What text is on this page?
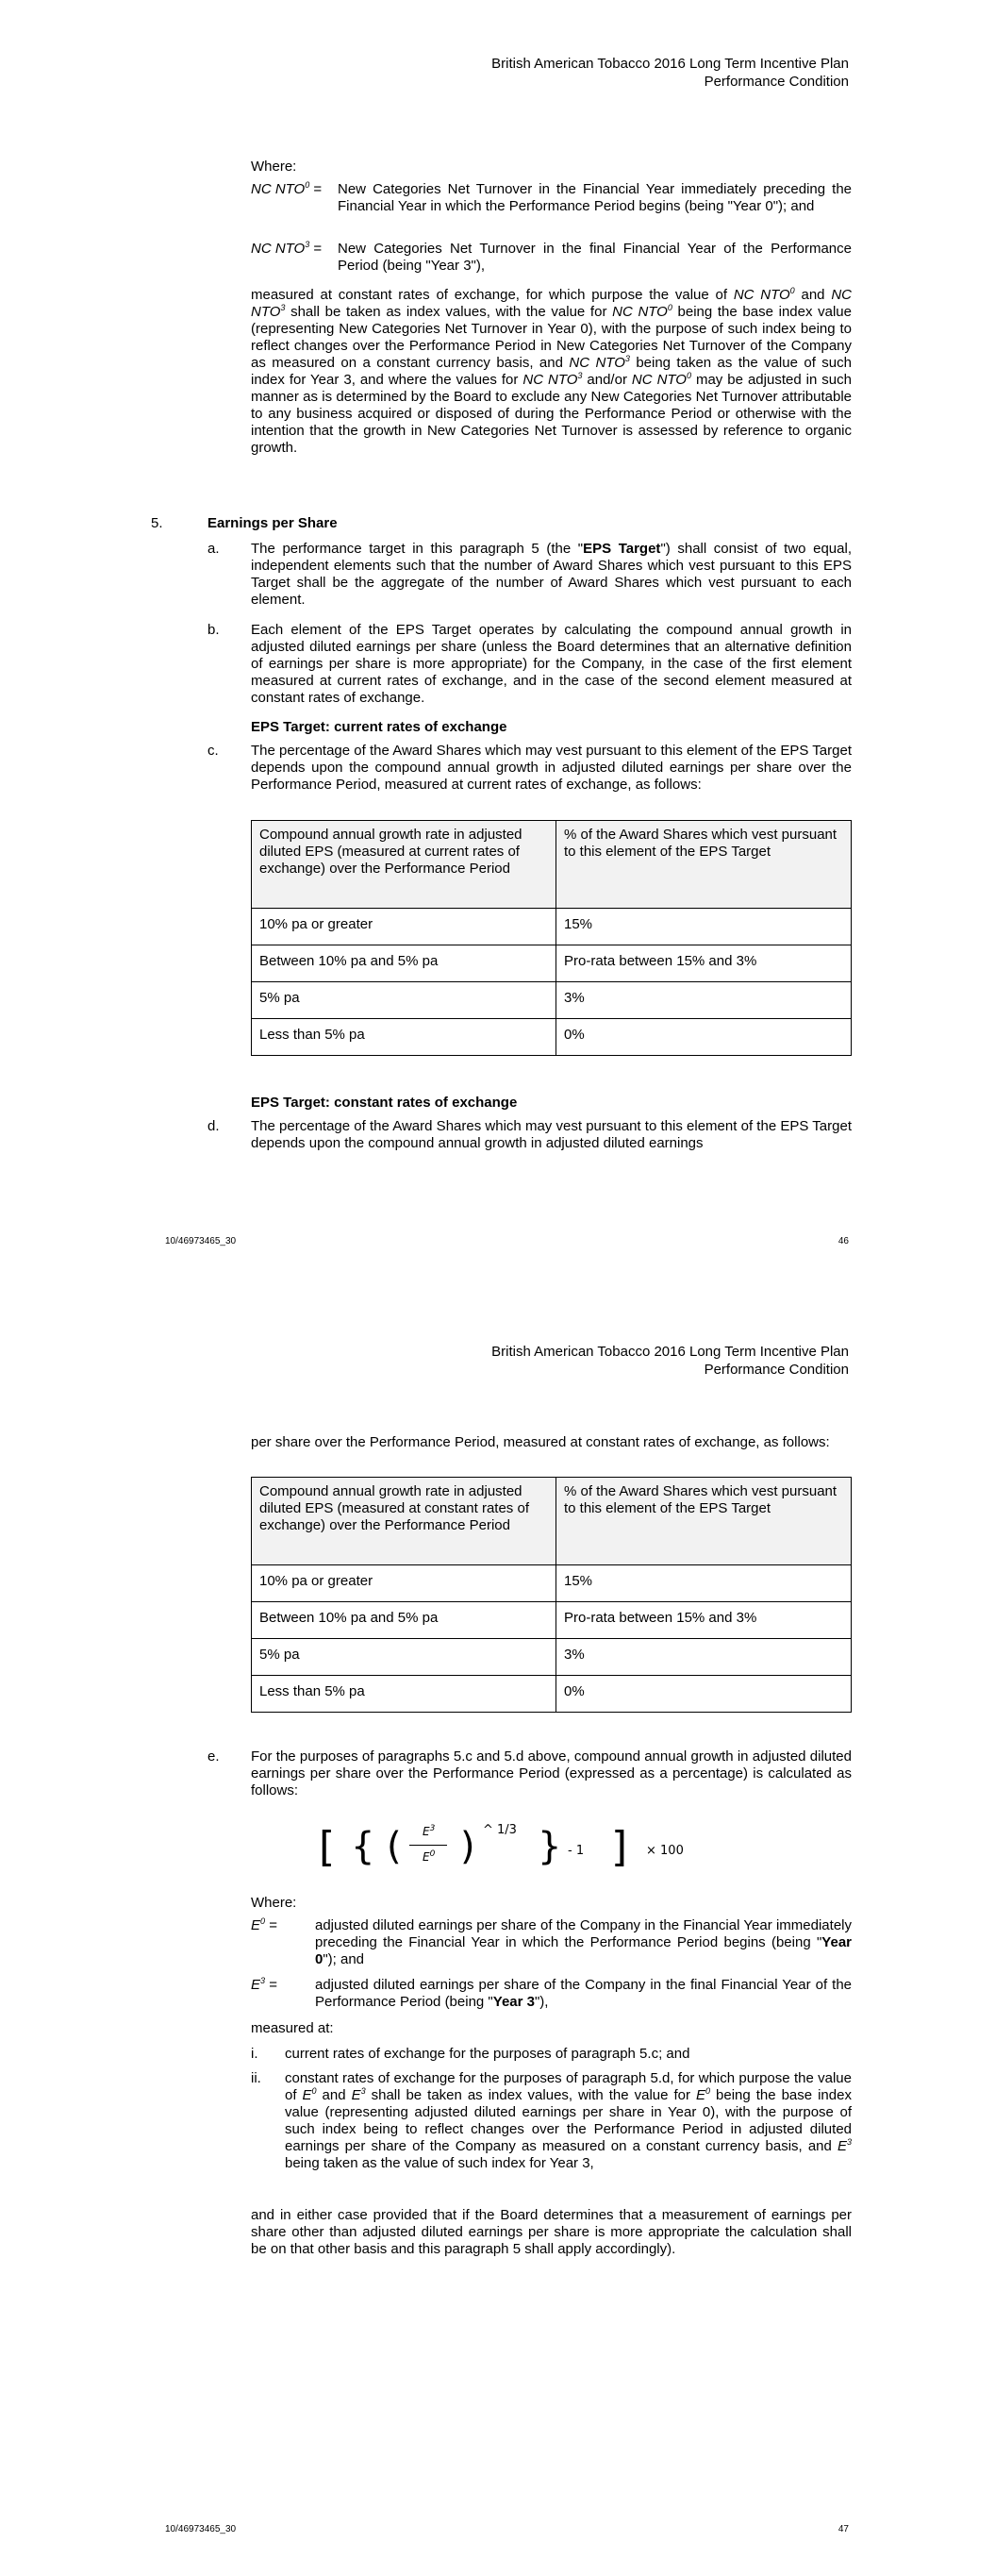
British American Tobacco 2016 Long Term Incentive Plan
Performance Condition
Where:
NC $NTO^0$ = New Categories Net Turnover in the Financial Year immediately preceding the Financial Year in which the Performance Period begins (being "Year 0"); and
NC $NTO^3$ = New Categories Net Turnover in the final Financial Year of the Performance Period (being "Year 3"),
measured at constant rates of exchange, for which purpose the value of NC NTO$^0$ and NC NTO$^3$ shall be taken as index values, with the value for NC NTO$^0$ being the base index value (representing New Categories Net Turnover in Year 0), with the purpose of such index being to reflect changes over the Performance Period in New Categories Net Turnover of the Company as measured on a constant currency basis, and NC NTO$^3$ being taken as the value of such index for Year 3, and where the values for NC NTO$^3$ and/or NC NTO$^0$ may be adjusted in such manner as is determined by the Board to exclude any New Categories Net Turnover attributable to any business acquired or disposed of during the Performance Period or otherwise with the intention that the growth in New Categories Net Turnover is assessed by reference to organic growth.
5.	Earnings per Share
a. The performance target in this paragraph 5 (the "EPS Target") shall consist of two equal, independent elements such that the number of Award Shares which vest pursuant to this EPS Target shall be the aggregate of the number of Award Shares which vest pursuant to each element.
b. Each element of the EPS Target operates by calculating the compound annual growth in adjusted diluted earnings per share (unless the Board determines that an alternative definition of earnings per share is more appropriate) for the Company, in the case of the first element measured at current rates of exchange, and in the case of the second element measured at constant rates of exchange.
EPS Target: current rates of exchange
c. The percentage of the Award Shares which may vest pursuant to this element of the EPS Target depends upon the compound annual growth in adjusted diluted earnings per share over the Performance Period, measured at current rates of exchange, as follows:
Compound annual growth rate in adjusted diluted EPS (measured at current rates of exchange) over the Performance Period	% of the Award Shares which vest pursuant to this element of the EPS Target
10% pa or greater	15%
Between 10% pa and 5% pa	Pro-rata between 15% and 3%
5% pa	3%
Less than 5% pa	0%
EPS Target: constant rates of exchange
d. The percentage of the Award Shares which may vest pursuant to this element of the EPS Target depends upon the compound annual growth in adjusted diluted earnings
10/46973465_30	46
British American Tobacco 2016 Long Term Incentive Plan
Performance Condition
per share over the Performance Period, measured at constant rates of exchange, as follows:
Compound annual growth rate in adjusted diluted EPS (measured at constant rates of exchange) over the Performance Period	% of the Award Shares which vest pursuant to this element of the EPS Target
10% pa or greater	15%
Between 10% pa and 5% pa	Pro-rata between 15% and 3%
5% pa	3%
Less than 5% pa	0%
e. For the purposes of paragraphs 5.c and 5.d above, compound annual growth in adjusted diluted earnings per share over the Performance Period (expressed as a percentage) is calculated as follows:
[ { ( $E^3$
$E^0$ ) ^ 1/3 } - 1 ] × 100
Where:
$E^0$ =	adjusted diluted earnings per share of the Company in the Financial Year immediately preceding the Financial Year in which the Performance Period begins (being "Year 0"); and
$E^3$ =	adjusted diluted earnings per share of the Company in the final Financial Year of the Performance Period (being "Year 3"),
measured at:
i. current rates of exchange for the purposes of paragraph 5.c; and
ii. constant rates of exchange for the purposes of paragraph 5.d, for which purpose the value of $E^0$ and $E^3$ shall be taken as index values, with the value for $E^0$ being the base index value (representing adjusted diluted earnings per share in Year 0), with the purpose of such index being to reflect changes over the Performance Period in adjusted diluted earnings per share of the Company as measured on a constant currency basis, and $E^3$ being taken as the value of such index for Year 3,
and in either case provided that if the Board determines that a measurement of earnings per share other than adjusted diluted earnings per share is more appropriate the calculation shall be on that other basis and this paragraph 5 shall apply accordingly).
10/46973465_30	47
